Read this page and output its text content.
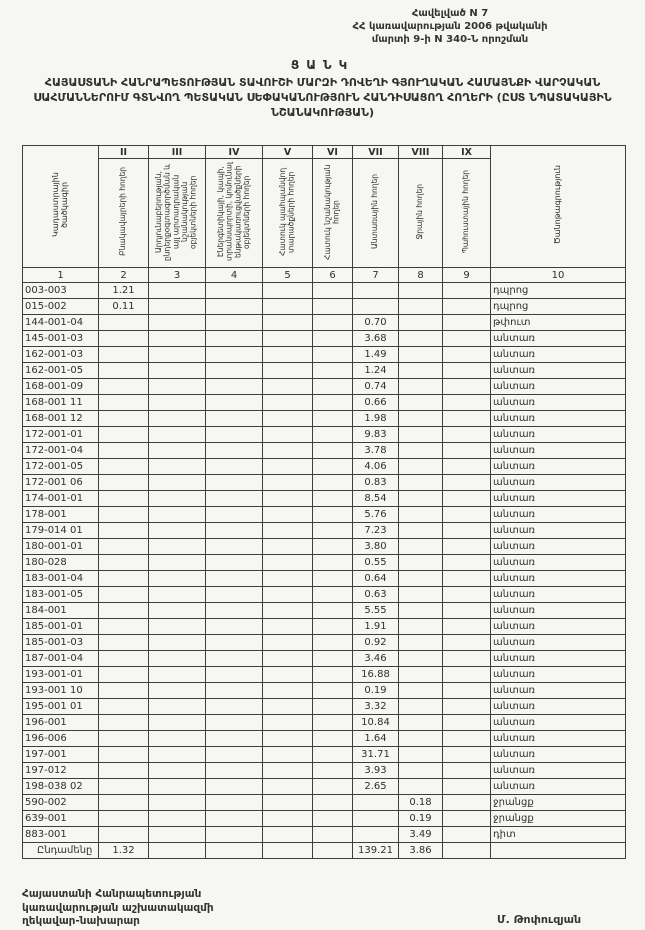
Հավելված N 7
ՀՀ կառավարության 2006 թվականի
մարտի 9-ի N 340-Ն որոշման
ՑԱՆԿ
ՀԱՅԱՍՏԱՆԻ ՀԱՆՐԱՊԵՏՈՒԹՅԱՆ ՏԱՎՈՒՇԻ ՄԱՐԶԻ ԴՈՎԵՂԻ ԳՅՈՒՂԱԿԱՆ ՀԱՄԱՅՆՔԻ ՎԱՐՉԱԿԱՆ ՍԱՀՄԱՆՆԵՐՈՒՄ ԳՏՆՎՈՂ ՊԵՏԱԿԱՆ ՍԵՓԱԿԱՆՈՒԹՅՈՒՆ ՀԱՆԴԻՍԱՑՈՂ ՀՈՂԵՐԻ (ԸՍՏ ՆՊԱՏԱԿԱՅԻՆ ՆՇԱՆԱԿՈՒԹՅԱՆ)
Կադաստրային ծածկագիր	II	III	IV	V	VI	VII	VIII	IX	Ծանոթագրություն
	Բնակավայրերի հողեր	Արդյունաբերության, ընդերքօգտագործման և այլ արտադրական նշանակության օբյեկտների հողեր	Էներգետիկայի, կապի, տրանսպորտի, կոմունալ ենթակառուցվածքների օբյեկտների հողեր	Հատուկ պահպանվող տարածքների հողեր	Հատուկ նշանակության հողեր	Անտառային հողեր	Ջրային հողեր	Պահուստային հողեր	
1	2	3	4	5	6	7	8	9	10
003-003	1.21								դպրոց
015-002	0.11								դպրոց
144-001-04						0.70			թփուտ
145-001-03						3.68			անտառ
162-001-03						1.49			անտառ
162-001-05						1.24			անտառ
168-001-09						0.74			անտառ
168-001 11						0.66			անտառ
168-001 12						1.98			անտառ
172-001-01						9.83			անտառ
172-001-04						3.78			անտառ
172-001-05						4.06			անտառ
172-001 06						0.83			անտառ
174-001-01						8.54			անտառ
178-001						5.76			անտառ
179-014 01						7.23			անտառ
180-001-01						3.80			անտառ
180-028						0.55			անտառ
183-001-04						0.64			անտառ
183-001-05						0.63			անտառ
184-001						5.55			անտառ
185-001-01						1.91			անտառ
185-001-03						0.92			անտառ
187-001-04						3.46			անտառ
193-001-01						16.88			անտառ
193-001 10						0.19			անտառ
195-001 01						3.32			անտառ
196-001						10.84			անտառ
196-006						1.64			անտառ
197-001						31.71			անտառ
197-012						3.93			անտառ
198-038 02						2.65			անտառ
590-002							0.18		ջրանցք
639-001							0.19		ջրանցք
883-001							3.49		դիտ
Ընդամենը	1.32					139.21	3.86		
Հայաստանի Հանրապետության
կառավարության աշխատակազմի
ղեկավար-նախարար	Մ. Թոփուզյան
